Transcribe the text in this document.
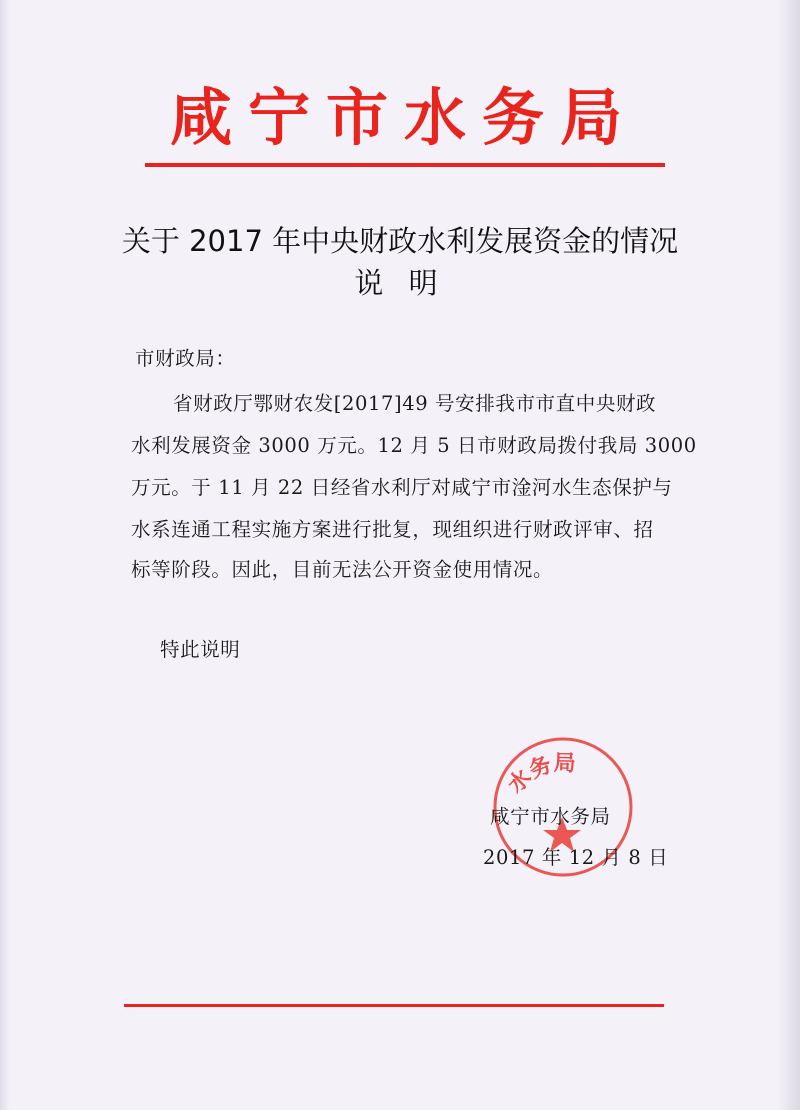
咸宁市水务局
关于 2017 年中央财政水利发展资金的情况
说 明
市财政局：
省财政厅鄂财农发[2017]49 号安排我市市直中央财政
水利发展资金 3000 万元。12 月 5 日市财政局拨付我局 3000
万元。于 11 月 22 日经省水利厅对咸宁市淦河水生态保护与
水系连通工程实施方案进行批复，现组织进行财政评审、招
标等阶段。因此，目前无法公开资金使用情况。
特此说明
水务局
咸宁市水务局
2017 年 12 月 8 日
